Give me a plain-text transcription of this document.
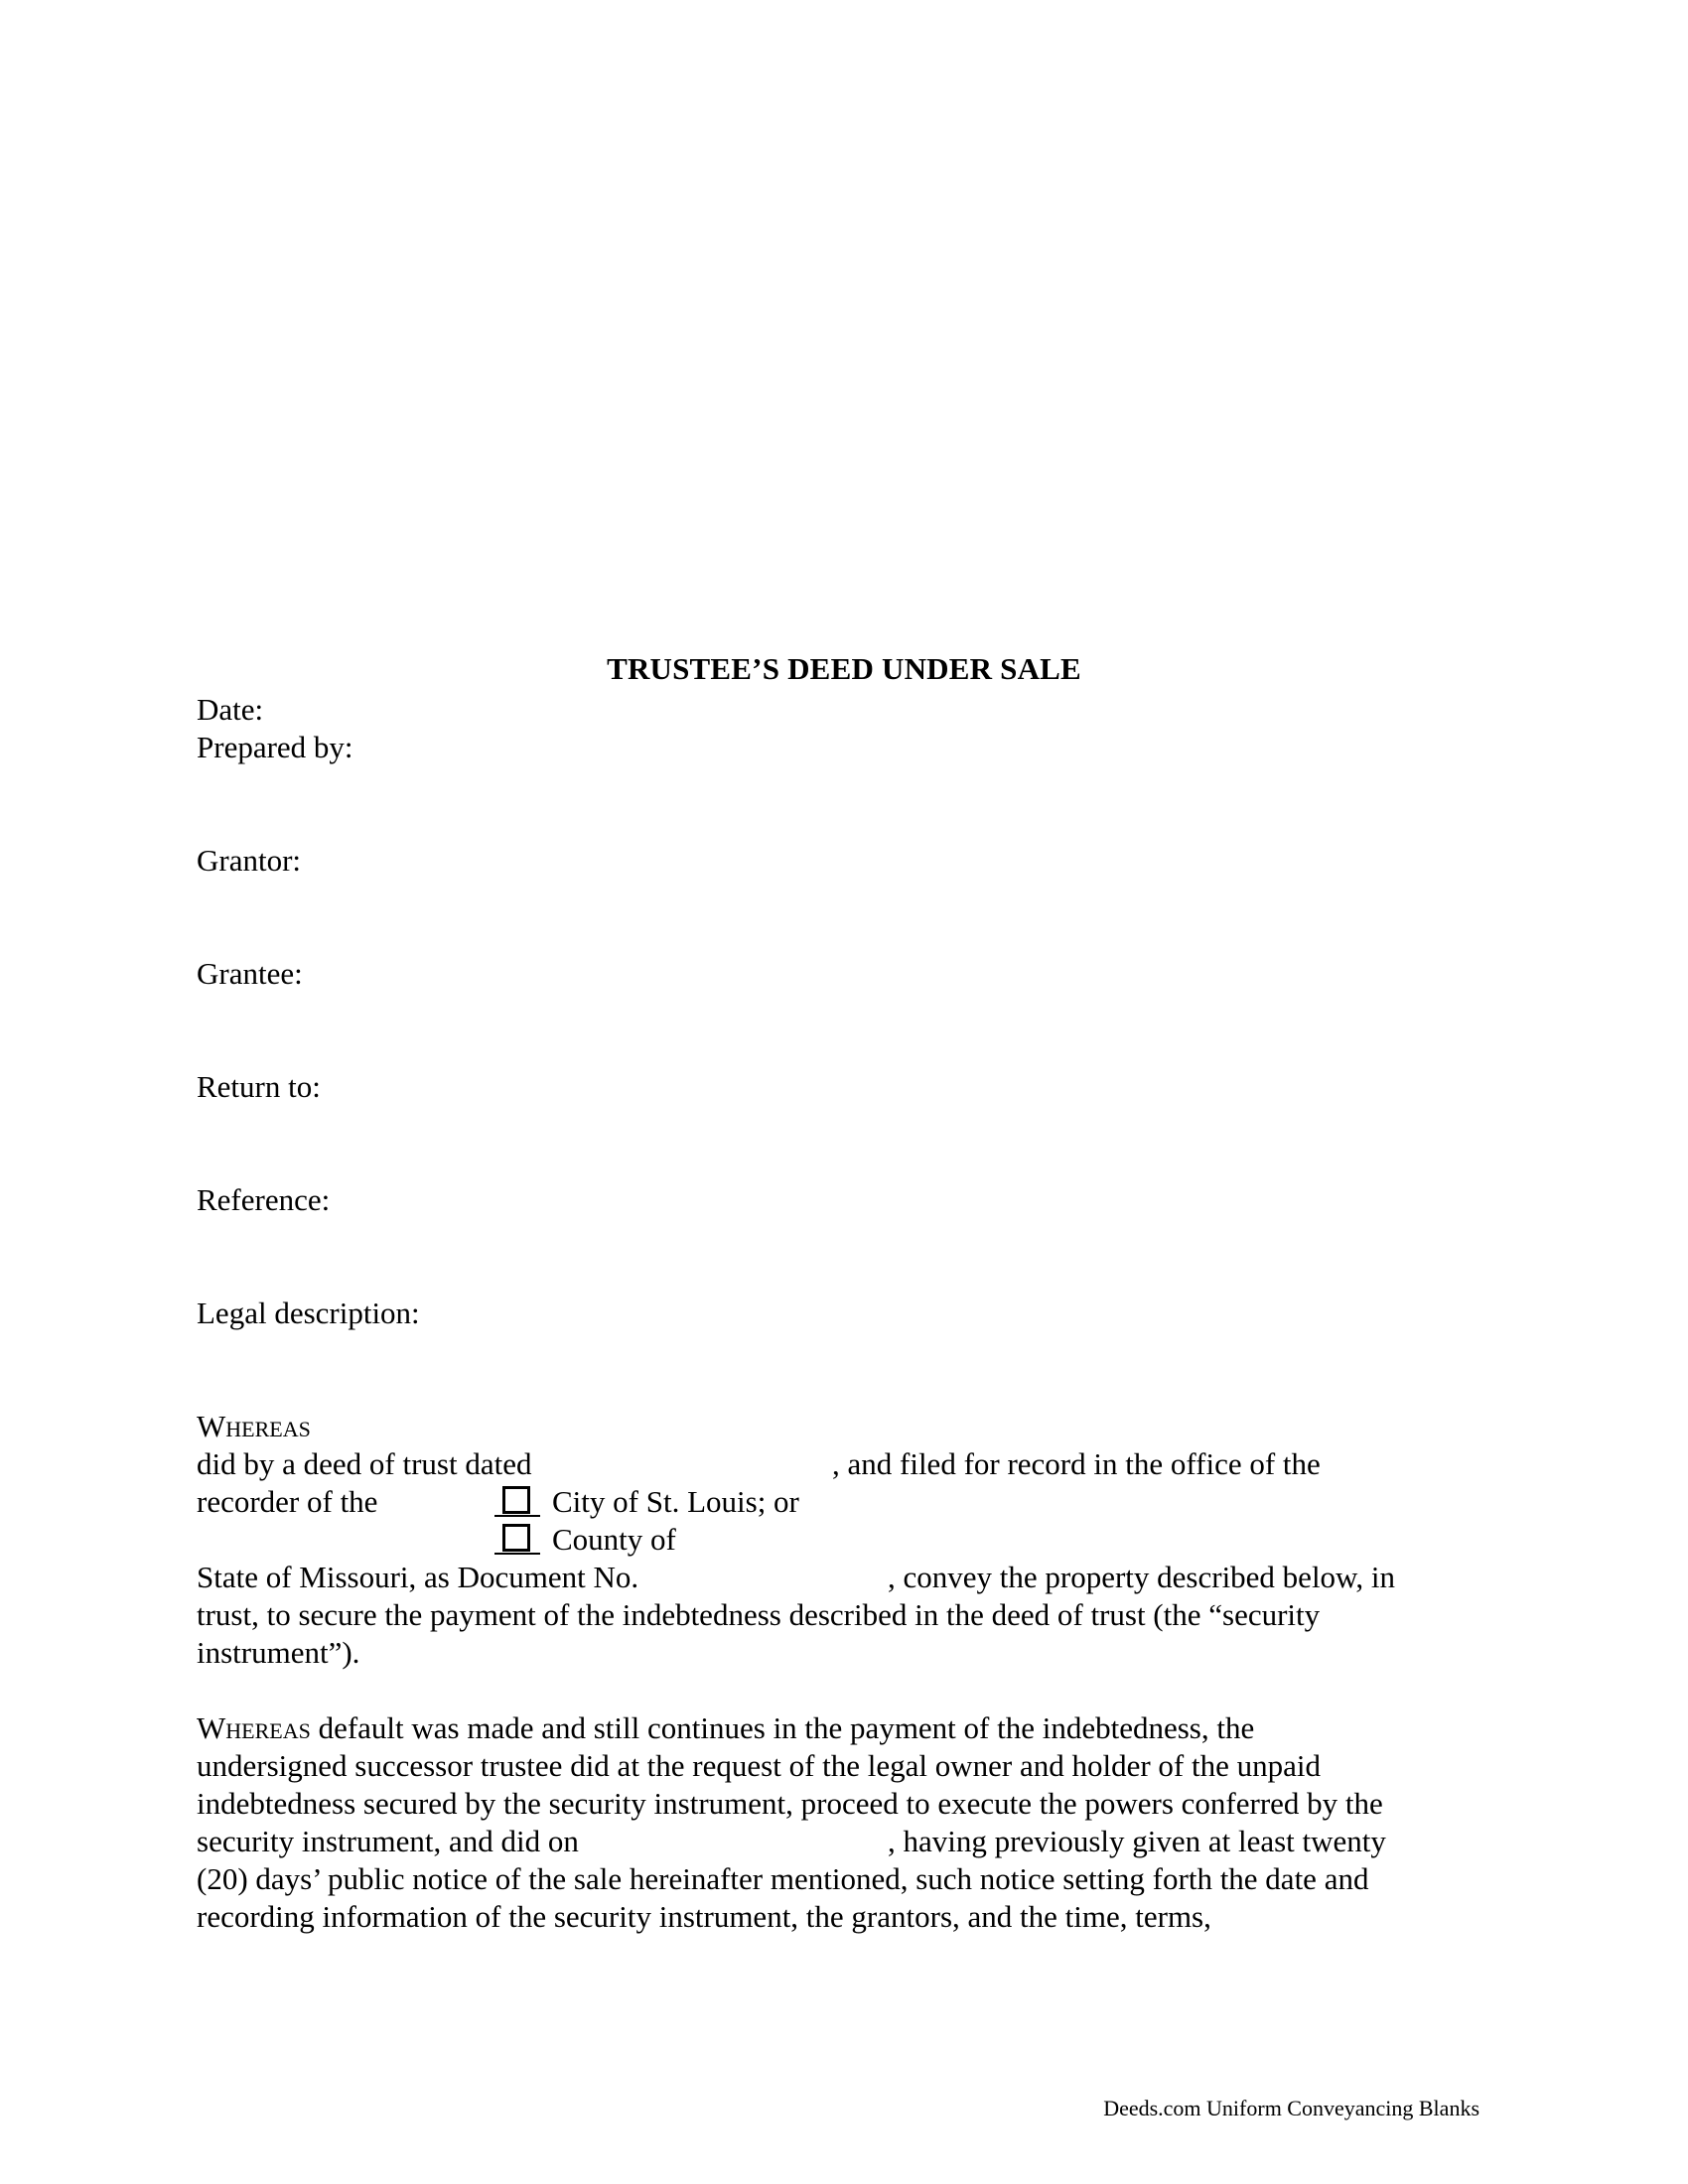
TRUSTEE’S DEED UNDER SALE
Date:
Prepared by:
Grantor:
Grantee:
Return to:
Reference:
Legal description:
Whereas
did by a deed of trust dated	, and filed for record in the office of the
recorder of the	City of St. Louis; or
County of
State of Missouri, as Document No.	, convey the property described below, in
trust, to secure the payment of the indebtedness described in the deed of trust (the “security
instrument”).
Whereas default was made and still continues in the payment of the indebtedness, the
undersigned successor trustee did at the request of the legal owner and holder of the unpaid
indebtedness secured by the security instrument, proceed to execute the powers conferred by the
security instrument, and did on	, having previously given at least twenty
(20) days’ public notice of the sale hereinafter mentioned, such notice setting forth the date and
recording information of the security instrument, the grantors, and the time, terms,
Deeds.com Uniform Conveyancing Blanks
